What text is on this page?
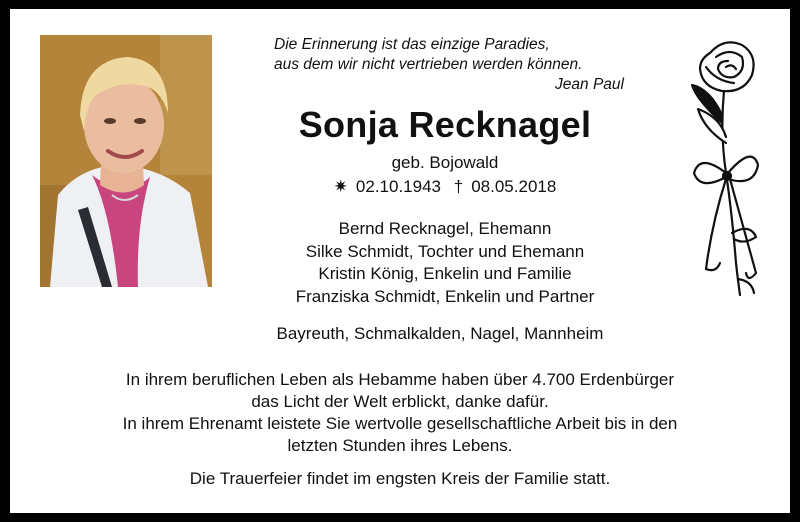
Die Erinnerung ist das einzige Paradies,
aus dem wir nicht vertrieben werden können.
Jean Paul
Sonja Recknagel
geb. Bojowald
✷ 02.10.1943 † 08.05.2018
Bernd Recknagel, Ehemann
Silke Schmidt, Tochter und Ehemann
Kristin König, Enkelin und Familie
Franziska Schmidt, Enkelin und Partner
Bayreuth, Schmalkalden, Nagel, Mannheim
In ihrem beruflichen Leben als Hebamme haben über 4.700 Erdenbürger
das Licht der Welt erblickt, danke dafür.
In ihrem Ehrenamt leistete Sie wertvolle gesellschaftliche Arbeit bis in den
letzten Stunden ihres Lebens.
Die Trauerfeier findet im engsten Kreis der Familie statt.
